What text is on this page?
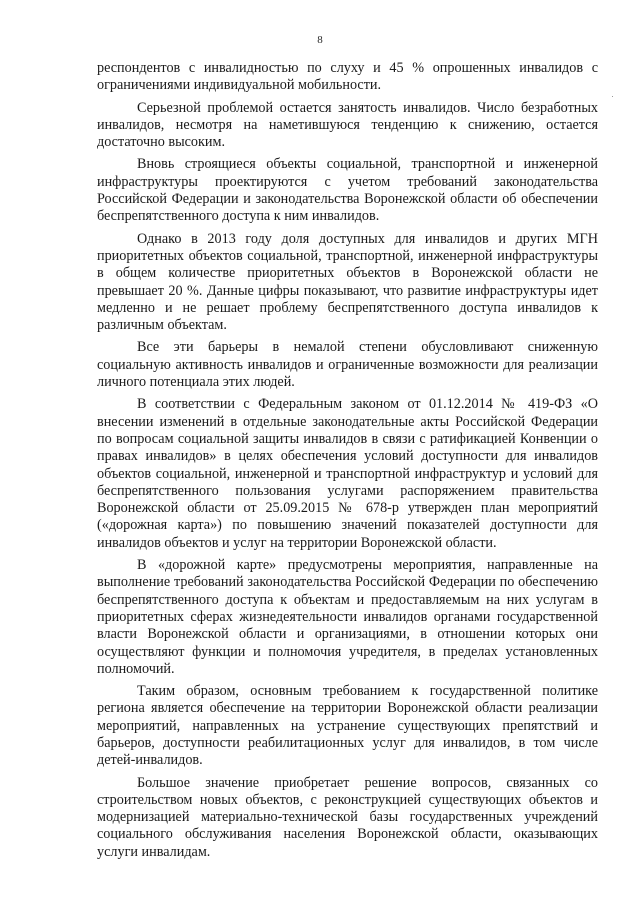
8

респондентов с инвалидностью по слуху и 45 % опрошенных инвалидов с ограничениями индивидуальной мобильности.

Серьезной проблемой остается занятость инвалидов. Число безработных инвалидов, несмотря на наметившуюся тенденцию к снижению, остается достаточно высоким.

Вновь строящиеся объекты социальной, транспортной и инженерной инфраструктуры проектируются с учетом требований законодательства Российской Федерации и законодательства Воронежской области об обеспечении беспрепятственного доступа к ним инвалидов.

Однако в 2013 году доля доступных для инвалидов и других МГН приоритетных объектов социальной, транспортной, инженерной инфраструктуры в общем количестве приоритетных объектов в Воронежской области не превышает 20 %. Данные цифры показывают, что развитие инфраструктуры идет медленно и не решает проблему беспрепятственного доступа инвалидов к различным объектам.

Все эти барьеры в немалой степени обусловливают сниженную социальную активность инвалидов и ограниченные возможности для реализации личного потенциала этих людей.

В соответствии с Федеральным законом от 01.12.2014 № 419-ФЗ «О внесении изменений в отдельные законодательные акты Российской Федерации по вопросам социальной защиты инвалидов в связи с ратификацией Конвенции о правах инвалидов» в целях обеспечения условий доступности для инвалидов объектов социальной, инженерной и транспортной инфраструктур и условий для беспрепятственного пользования услугами распоряжением правительства Воронежской области от 25.09.2015 № 678-р утвержден план мероприятий («дорожная карта») по повышению значений показателей доступности для инвалидов объектов и услуг на территории Воронежской области.

В «дорожной карте» предусмотрены мероприятия, направленные на выполнение требований законодательства Российской Федерации по обеспечению беспрепятственного доступа к объектам и предоставляемым на них услугам в приоритетных сферах жизнедеятельности инвалидов органами государственной власти Воронежской области и организациями, в отношении которых они осуществляют функции и полномочия учредителя, в пределах установленных полномочий.

Таким образом, основным требованием к государственной политике региона является обеспечение на территории Воронежской области реализации мероприятий, направленных на устранение существующих препятствий и барьеров, доступности реабилитационных услуг для инвалидов, в том числе детей-инвалидов.

Большое значение приобретает решение вопросов, связанных со строительством новых объектов, с реконструкцией существующих объектов и модернизацией материально-технической базы государственных учреждений социального обслуживания населения Воронежской области, оказывающих услуги инвалидам.
